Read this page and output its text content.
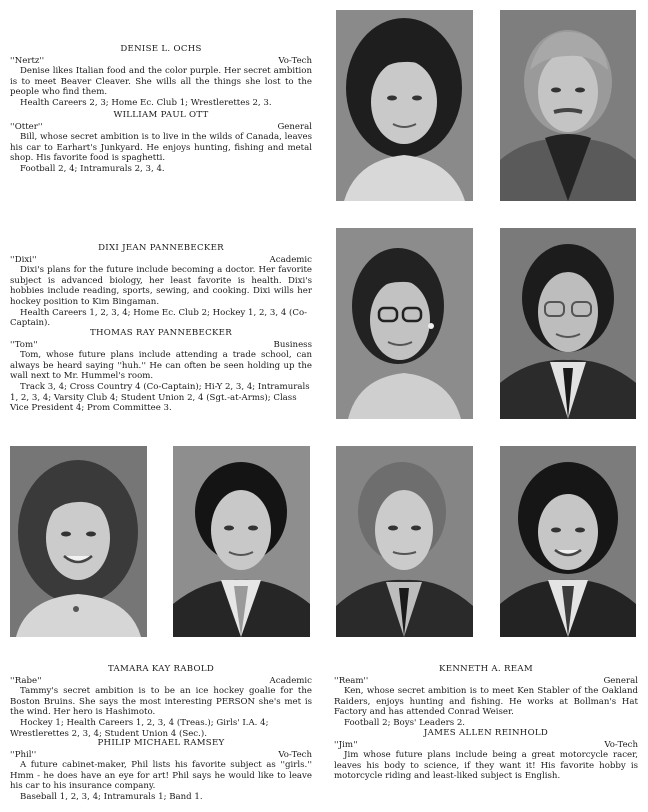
DENISE L. OCHS
''Nertz''	Vo-Tech

Denise likes Italian food and the color purple. Her secret ambition is to meet Beaver Cleaver. She wills all the things she lost to the people who find them.

Health Careers 2, 3; Home Ec. Club 1; Wrestlerettes 2, 3.

WILLIAM PAUL OTT
''Otter''	General

Bill, whose secret ambition is to live in the wilds of Canada, leaves his car to Earhart's Junkyard. He enjoys hunting, fishing and metal shop. His favorite food is spaghetti.

Football 2, 4; Intramurals 2, 3, 4.

DIXI JEAN PANNEBECKER
''Dixi''	Academic

Dixi's plans for the future include becoming a doctor. Her favorite subject is advanced biology, her least favorite is health. Dixi's hobbies include reading, sports, sewing, and cooking. Dixi wills her hockey position to Kim Bingaman.

Health Careers 1, 2, 3, 4; Home Ec. Club 2; Hockey 1, 2, 3, 4 (Co-Captain).

THOMAS RAY PANNEBECKER
''Tom''	Business

Tom, whose future plans include attending a trade school, can always be heard saying ''huh.'' He can often be seen holding up the wall next to Mr. Hummel's room.

Track 3, 4; Cross Country 4 (Co-Captain); Hi-Y 2, 3, 4; Intramurals 1, 2, 3, 4; Varsity Club 4; Student Union 2, 4 (Sgt.-at-Arms); Class Vice President 4; Prom Committee 3.

TAMARA KAY RABOLD
''Rabe''	Academic

Tammy's secret ambition is to be an ice hockey goalie for the Boston Bruins. She says the most interesting PERSON she's met is the wind. Her hero is Hashimoto.

Hockey 1; Health Careers 1, 2, 3, 4 (Treas.); Girls' I.A. 4; Wrestlerettes 2, 3, 4; Student Union 4 (Sec.).

PHILIP MICHAEL RAMSEY
''Phil''	Vo-Tech

A future cabinet-maker, Phil lists his favorite subject as ''girls.'' Hmm - he does have an eye for art! Phil says he would like to leave his car to his insurance company.

Baseball 1, 2, 3, 4; Intramurals 1; Band 1.

KENNETH A. REAM
''Ream''	General

Ken, whose secret ambition is to meet Ken Stabler of the Oakland Raiders, enjoys hunting and fishing. He works at Bollman's Hat Factory and has attended Conrad Weiser.

Football 2; Boys' Leaders 2.

JAMES ALLEN REINHOLD
''Jim''	Vo-Tech

Jim whose future plans include being a great motorcycle racer, leaves his body to science, if they want it! His favorite hobby is motorcycle riding and least-liked subject is English.
